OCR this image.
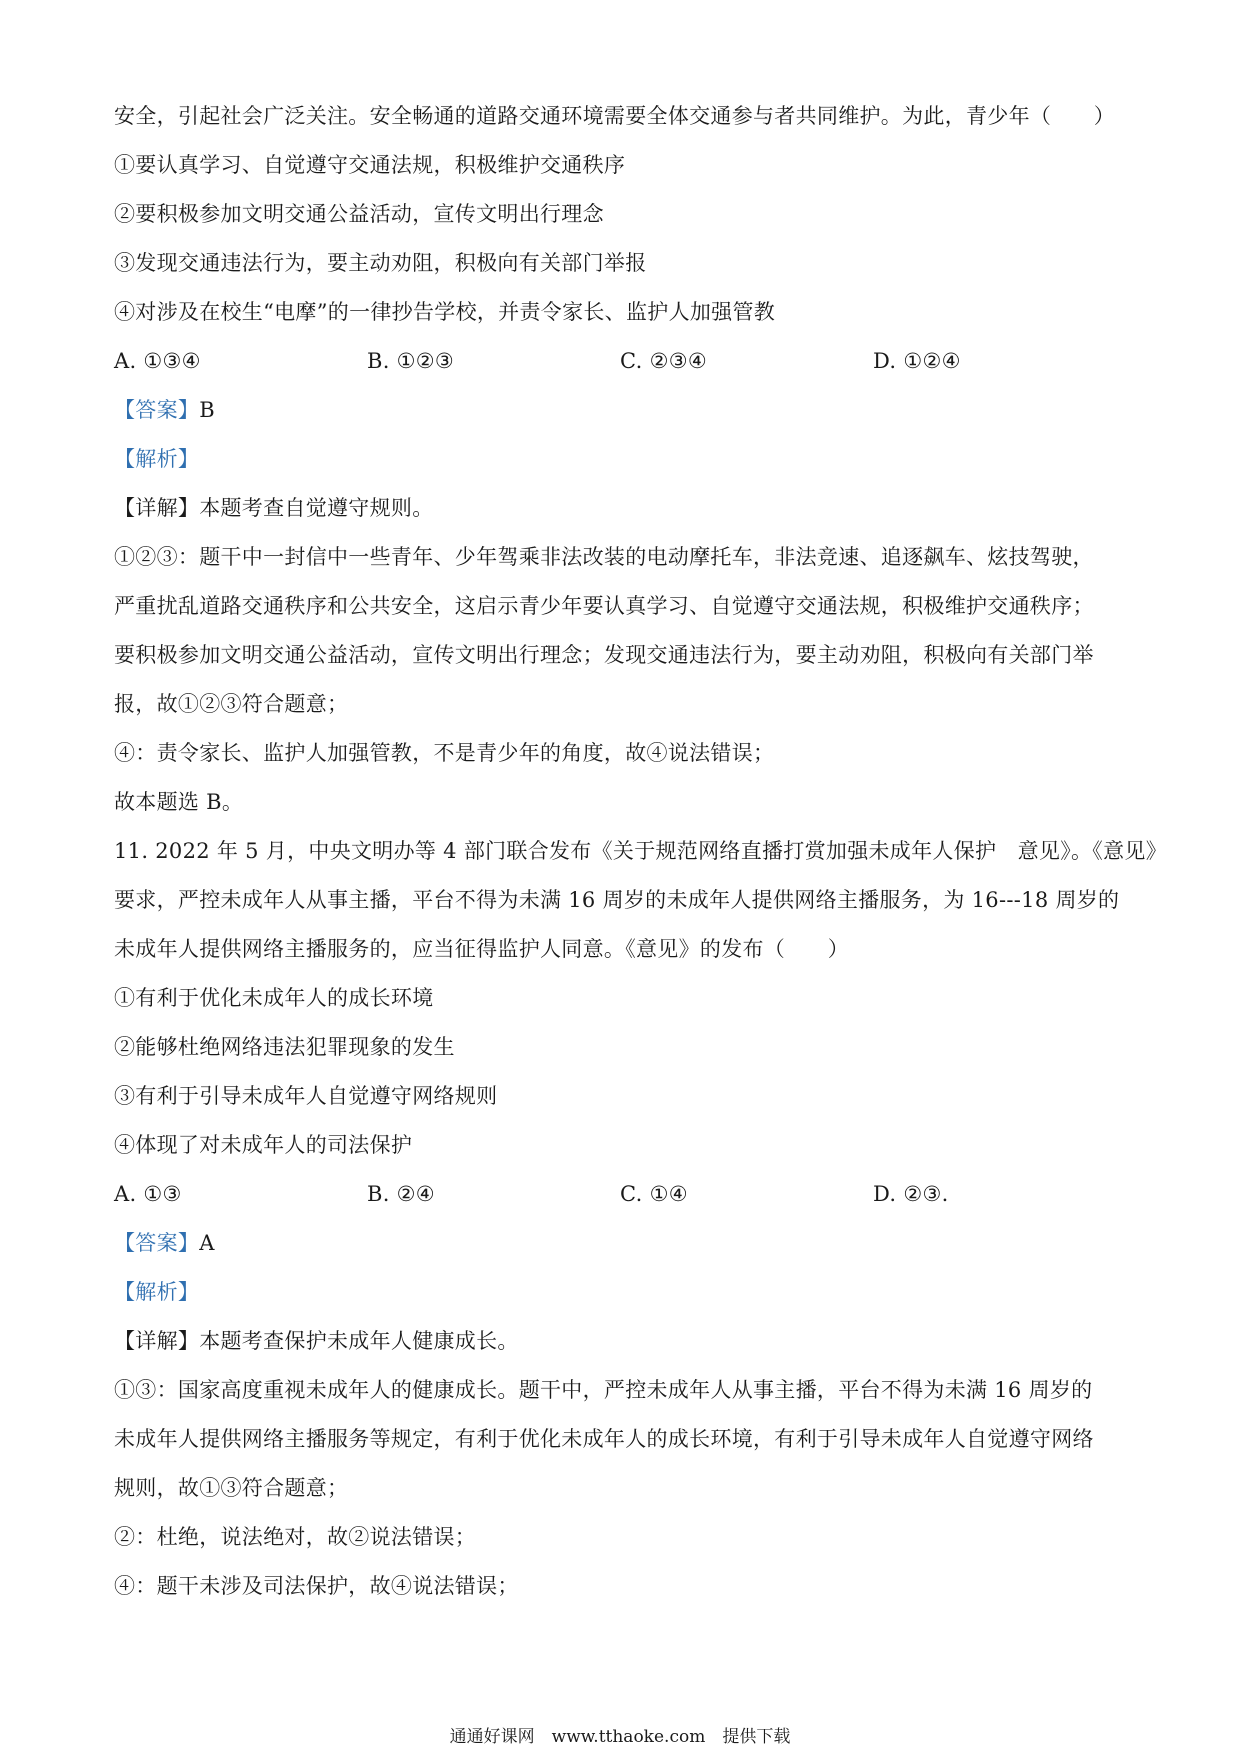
安全，引起社会广泛关注。安全畅通的道路交通环境需要全体交通参与者共同维护。为此，青少年（　　）
①要认真学习、自觉遵守交通法规，积极维护交通秩序
②要积极参加文明交通公益活动，宣传文明出行理念
③发现交通违法行为，要主动劝阻，积极向有关部门举报
④对涉及在校生“电摩”的一律抄告学校，并责令家长、监护人加强管教
A. ①③④	B. ①②③	C. ②③④	D. ①②④
【答案】B
【解析】
【详解】本题考查自觉遵守规则。
①②③：题干中一封信中一些青年、少年驾乘非法改装的电动摩托车，非法竞速、追逐飙车、炫技驾驶，
严重扰乱道路交通秩序和公共安全，这启示青少年要认真学习、自觉遵守交通法规，积极维护交通秩序；
要积极参加文明交通公益活动，宣传文明出行理念；发现交通违法行为，要主动劝阻，积极向有关部门举
报，故①②③符合题意；
④：责令家长、监护人加强管教，不是青少年的角度，故④说法错误；
故本题选 B。
11. 2022 年 5 月，中央文明办等 4 部门联合发布《关于规范网络直播打赏加强未成年人保护　意见》。《意见》
要求，严控未成年人从事主播，平台不得为未满 16 周岁的未成年人提供网络主播服务，为 16---18 周岁的
未成年人提供网络主播服务的，应当征得监护人同意。《意见》的发布（　　）
①有利于优化未成年人的成长环境
②能够杜绝网络违法犯罪现象的发生
③有利于引导未成年人自觉遵守网络规则
④体现了对未成年人的司法保护
A. ①③	B. ②④	C. ①④	D. ②③.
【答案】A
【解析】
【详解】本题考查保护未成年人健康成长。
①③：国家高度重视未成年人的健康成长。题干中，严控未成年人从事主播，平台不得为未满 16 周岁的
未成年人提供网络主播服务等规定，有利于优化未成年人的成长环境，有利于引导未成年人自觉遵守网络
规则，故①③符合题意；
②：杜绝，说法绝对，故②说法错误；
④：题干未涉及司法保护，故④说法错误；
通通好课网　www.tthaoke.com　提供下载
